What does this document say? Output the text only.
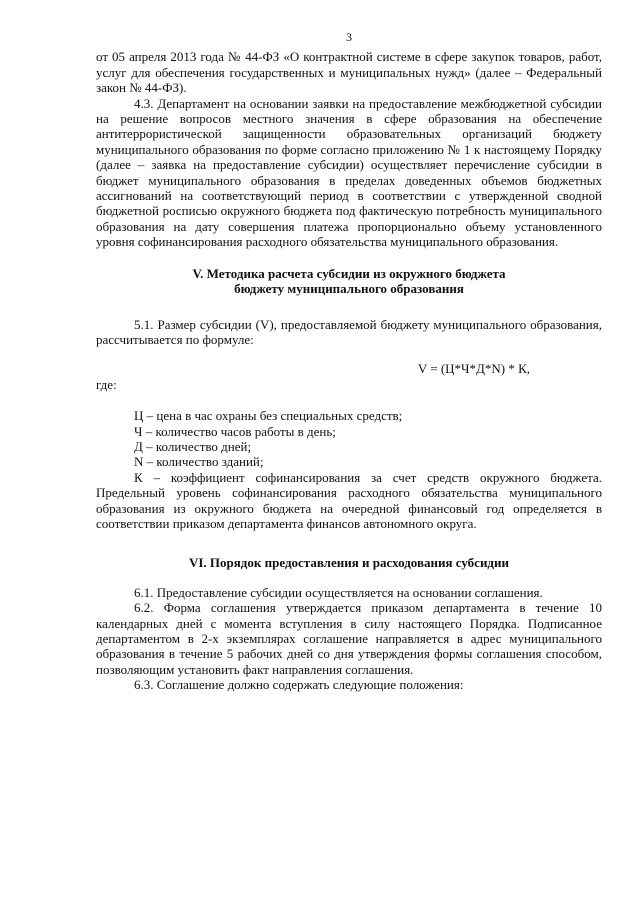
3

от 05 апреля 2013 года № 44-ФЗ «О контрактной системе в сфере закупок товаров, работ, услуг для обеспечения государственных и муниципальных нужд» (далее – Федеральный закон № 44-ФЗ).

4.3. Департамент на основании заявки на предоставление межбюджетной субсидии на решение вопросов местного значения в сфере образования на обеспечение антитеррористической защищенности образовательных организаций бюджету муниципального образования по форме согласно приложению № 1 к настоящему Порядку (далее – заявка на предоставление субсидии) осуществляет перечисление субсидии в бюджет муниципального образования в пределах доведенных объемов бюджетных ассигнований на соответствующий период в соответствии с утвержденной сводной бюджетной росписью окружного бюджета под фактическую потребность муниципального образования на дату совершения платежа пропорционально объему установленного уровня софинансирования расходного обязательства муниципального образования.

V. Методика расчета субсидии из окружного бюджета
бюджету муниципального образования

5.1. Размер субсидии (V), предоставляемой бюджету муниципального образования, рассчитывается по формуле:

V = (Ц*Ч*Д*N) * К,

где:

Ц – цена в час охраны без специальных средств;

Ч – количество часов работы в день;

Д – количество дней;

N – количество зданий;

К – коэффициент софинансирования за счет средств окружного бюджета. Предельный уровень софинансирования расходного обязательства муниципального образования из окружного бюджета на очередной финансовый год определяется в соответствии приказом департамента финансов автономного округа.

VI. Порядок предоставления и расходования субсидии

6.1. Предоставление субсидии осуществляется на основании соглашения.

6.2. Форма соглашения утверждается приказом департамента в течение 10 календарных дней с момента вступления в силу настоящего Порядка. Подписанное департаментом в 2-х экземплярах соглашение направляется в адрес муниципального образования в течение 5 рабочих дней со дня утверждения формы соглашения способом, позволяющим установить факт направления соглашения.

6.3. Соглашение должно содержать следующие положения:
